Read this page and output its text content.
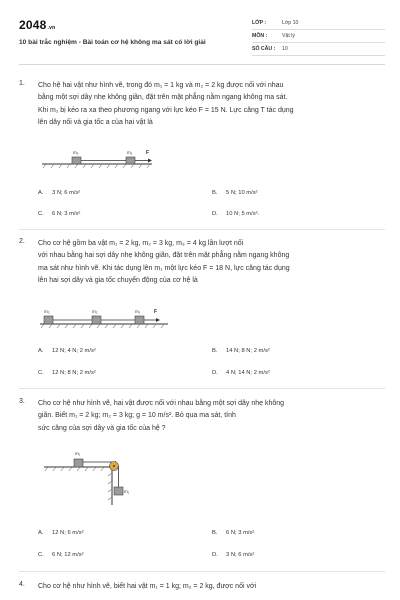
2048.vn
10 bài trắc nghiệm - Bài toán cơ hệ không ma sát có lời giải
LỚP :	Lớp 10
MÔN :	Vật lý
SỐ CÂU : 10
1. Cho hệ hai vật như hình vẽ, trong đó m₁ = 1 kg và m₂ = 2 kg được nối với nhau
bằng một sợi dây nhẹ không giãn, đặt trên mặt phẳng nằm ngang không ma sát.
Khi m₁ bị kéo ra xa theo phương ngang với lực kéo F = 15 N. Lực căng T tác dụng
lên dây nối và gia tốc a của hai vật là
m₂	m₁	F
A. 3 N; 6 m/s²	B. 5 N; 10 m/s²
C. 6 N; 3 m/s²	D. 10 N; 5 m/s².
2. Cho cơ hệ gồm ba vật m₁ = 2 kg, m₂ = 3 kg, m₃ = 4 kg lần lượt nối
với nhau bằng hai sợi dây nhẹ không giãn, đặt trên mặt phẳng nằm ngang không
ma sát như hình vẽ. Khi tác dụng lên m₁ một lực kéo F = 18 N, lực căng tác dụng
lên hai sợi dây và gia tốc chuyển động của cơ hệ là
m₃	m₂	m₁	F
A. 12 N; 4 N; 2 m/s²	B. 14 N; 8 N; 2 m/s²
C. 12 N; 8 N; 2 m/s²	D. 4 N; 14 N; 2 m/s²
3. Cho cơ hệ như hình vẽ, hai vật được nối với nhau bằng một sợi dây nhẹ không
giãn. Biết m₁ = 2 kg; m₂ = 3 kg; g = 10 m/s². Bỏ qua ma sát, tính
sức căng của sợi dây và gia tốc của hệ ?
m₁
m₂
A. 12 N; 6 m/s²	B. 6 N; 3 m/s²
C. 6 N; 12 m/s²	D. 3 N; 6 m/s²
4. Cho cơ hệ như hình vẽ, biết hai vật m₁ = 1 kg; m₂ = 2 kg, được nối với
